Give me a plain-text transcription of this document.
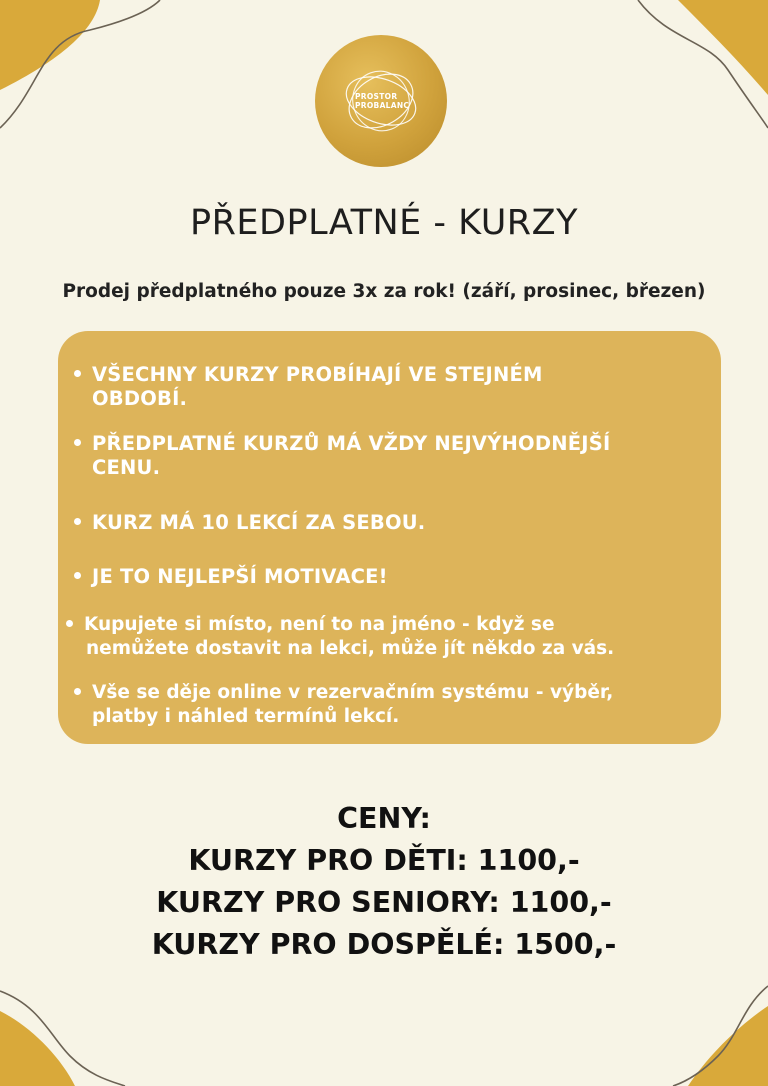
PROSTOR
PROBALANC
PŘEDPLATNÉ - KURZY
Prodej předplatného pouze 3x za rok! (září, prosinec, březen)
VŠECHNY KURZY PROBÍHAJÍ VE STEJNÉM
OBDOBÍ.
PŘEDPLATNÉ KURZŮ MÁ VŽDY NEJVÝHODNĚJŠÍ
CENU.
KURZ MÁ 10 LEKCÍ ZA SEBOU.
JE TO NEJLEPŠÍ MOTIVACE!
Kupujete si místo, není to na jméno - když se
nemůžete dostavit na lekci, může jít někdo za vás.
Vše se děje online v rezervačním systému - výběr,
platby i náhled termínů lekcí.
CENY:
KURZY PRO DĚTI: 1100,-
KURZY PRO SENIORY: 1100,-
KURZY PRO DOSPĚLÉ: 1500,-
